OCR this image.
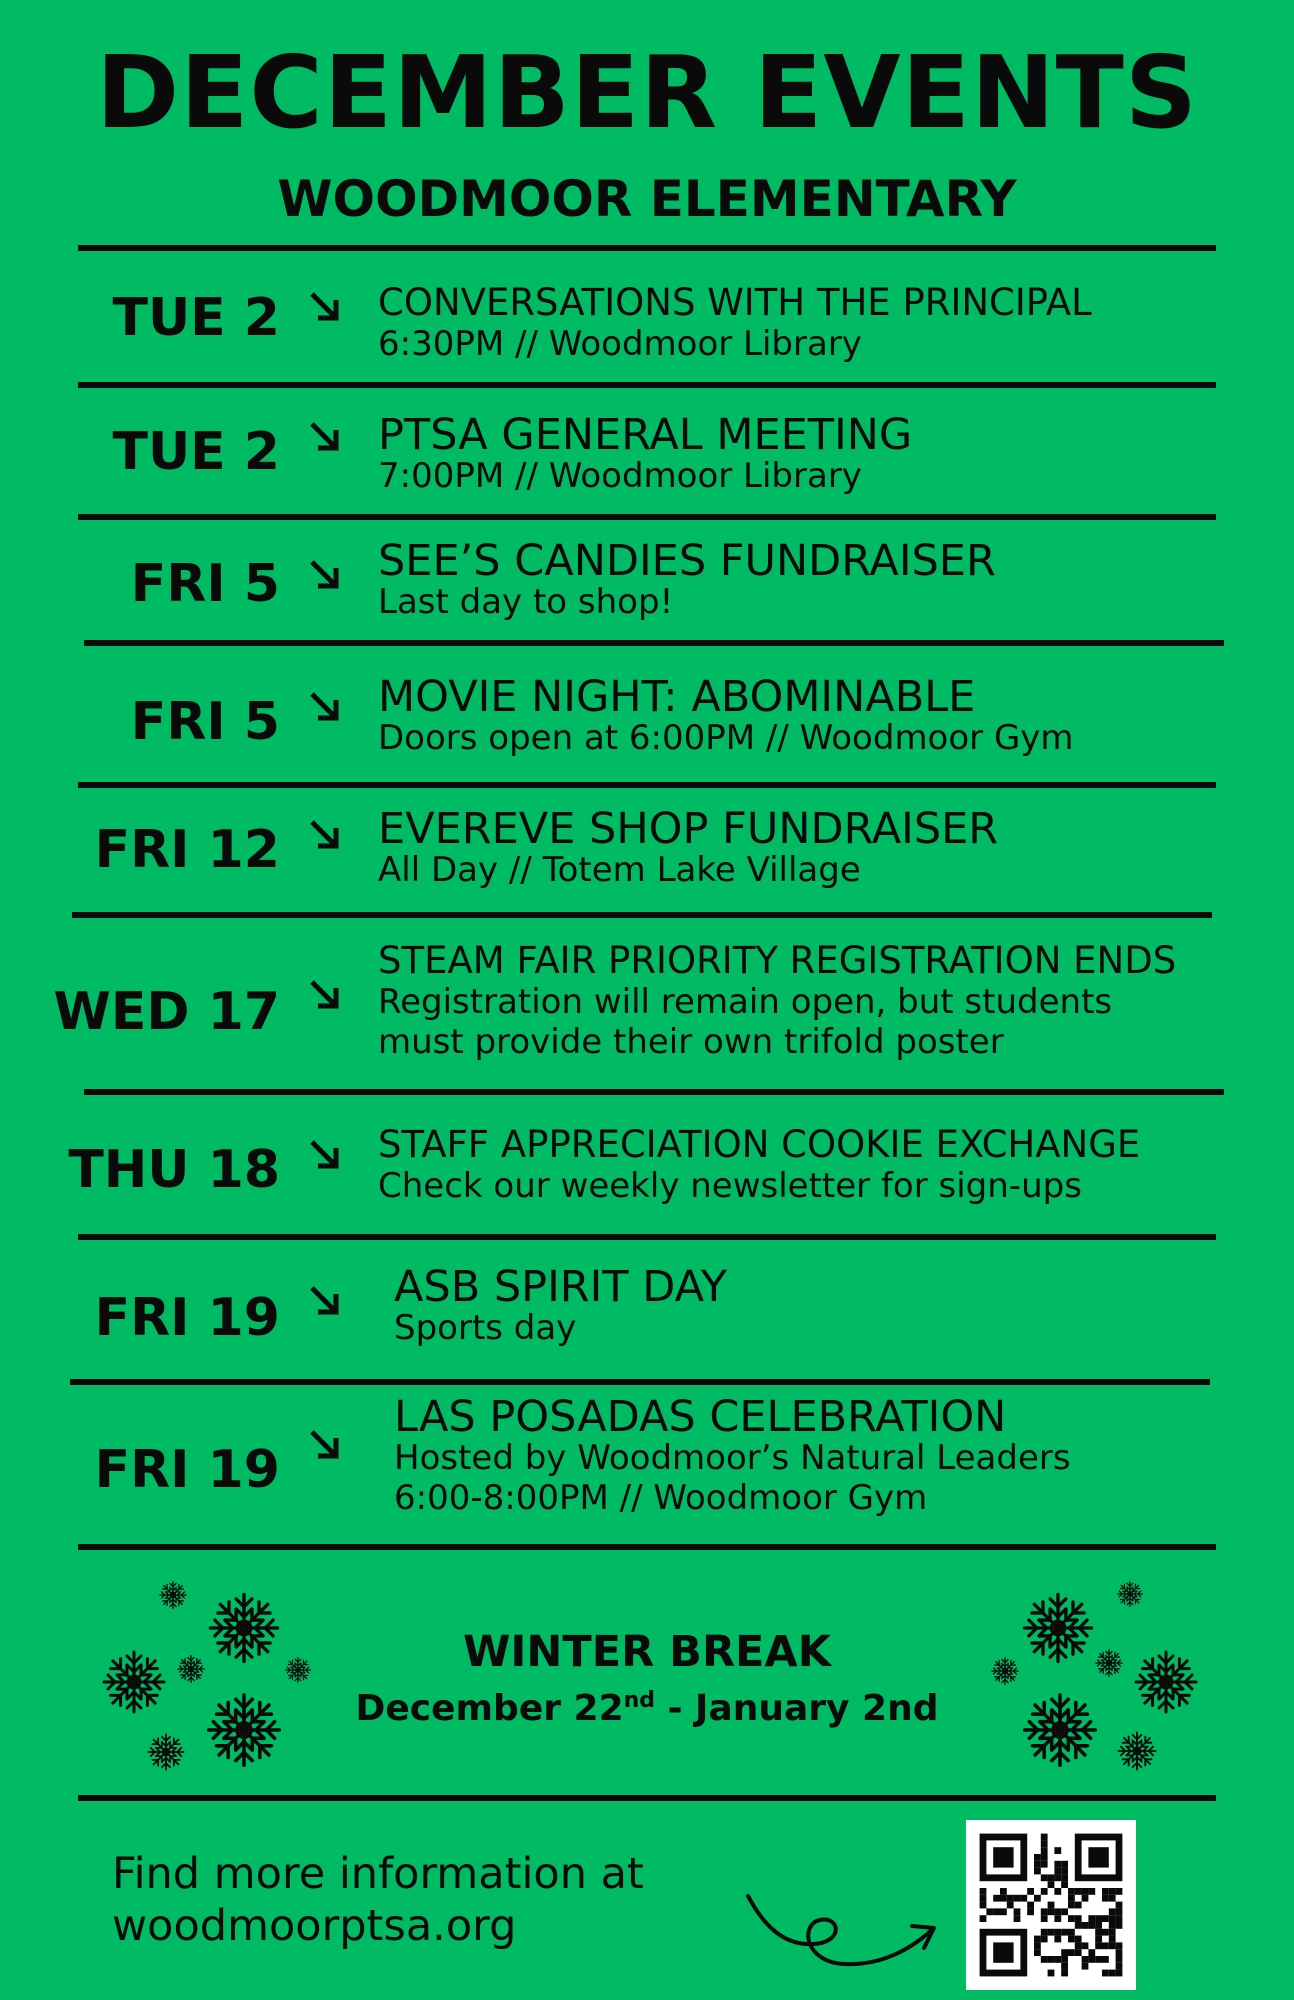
DECEMBER EVENTS
WOODMOOR ELEMENTARY
TUE 2	CONVERSATIONS WITH THE PRINCIPAL
6:30PM // Woodmoor Library
TUE 2 PTSA GENERAL MEETING
7:00PM // Woodmoor Library
FRI 5 SEE’S CANDIES FUNDRAISER
Last day to shop!
FRI 5 MOVIE NIGHT: ABOMINABLE
Doors open at 6:00PM // Woodmoor Gym
FRI 12 EVEREVE SHOP FUNDRAISER
All Day // Totem Lake Village
WED 17
STEAM FAIR PRIORITY REGISTRATION ENDS
Registration will remain open, but students
must provide their own trifold poster
THU 18	STAFF APPRECIATION COOKIE EXCHANGE
Check our weekly newsletter for sign-ups
FRI 19
ASB SPIRIT DAY
Sports day
FRI 19
LAS POSADAS CELEBRATION
Hosted by Woodmoor’s Natural Leaders
6:00-8:00PM // Woodmoor Gym
WINTER BREAK
December 22nd - January 2nd
Find more information at
woodmoorptsa.org
